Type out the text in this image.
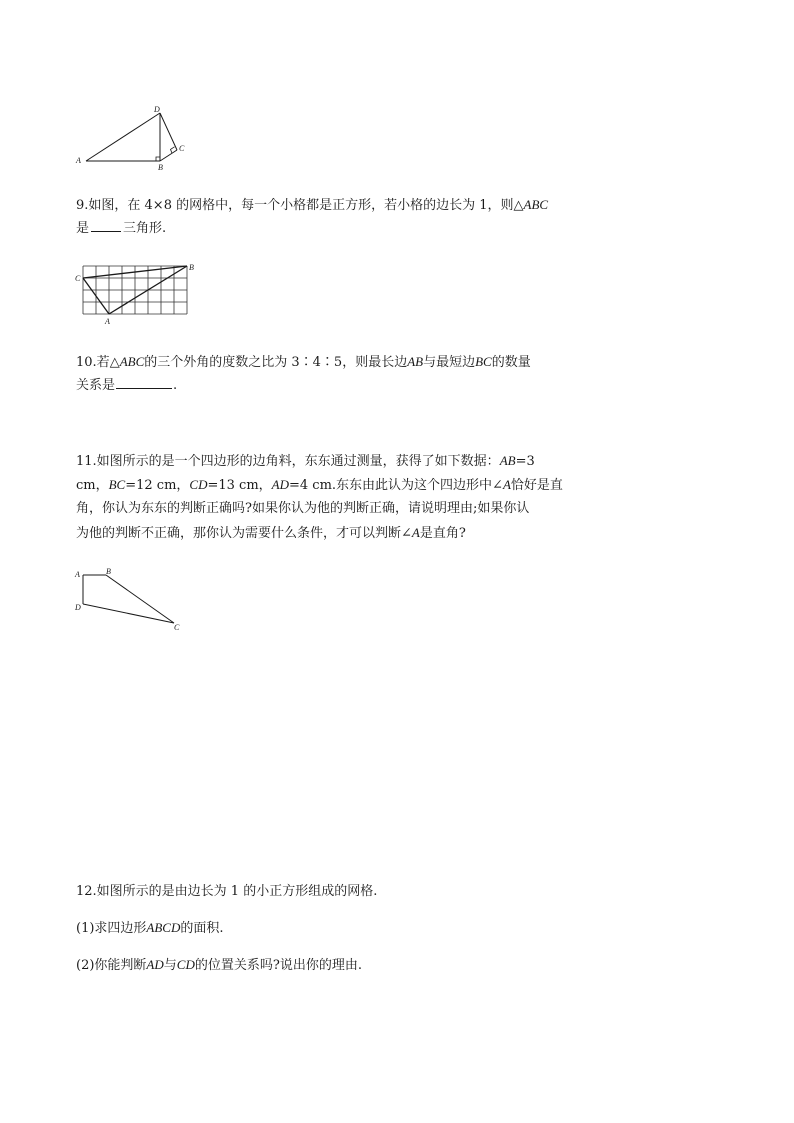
A
D
C
B

9.如图，在 4×8 的网格中，每一个小格都是正方形，若小格的边长为 1，则△ABC

是	三角形.

C
B
A

10.若△ABC的三个外角的度数之比为 3∶4∶5，则最长边AB与最短边BC的数量

关系是	.

11.如图所示的是一个四边形的边角料，东东通过测量，获得了如下数据：AB=3

cm，BC=12 cm，CD=13 cm，AD=4 cm.东东由此认为这个四边形中∠A恰好是直

角，你认为东东的判断正确吗?如果你认为他的判断正确，请说明理由;如果你认

为他的判断不正确，那你认为需要什么条件，才可以判断∠A是直角?

A	B
D
C

12.如图所示的是由边长为 1 的小正方形组成的网格.

(1)求四边形ABCD的面积.

(2)你能判断AD与CD的位置关系吗?说出你的理由.
